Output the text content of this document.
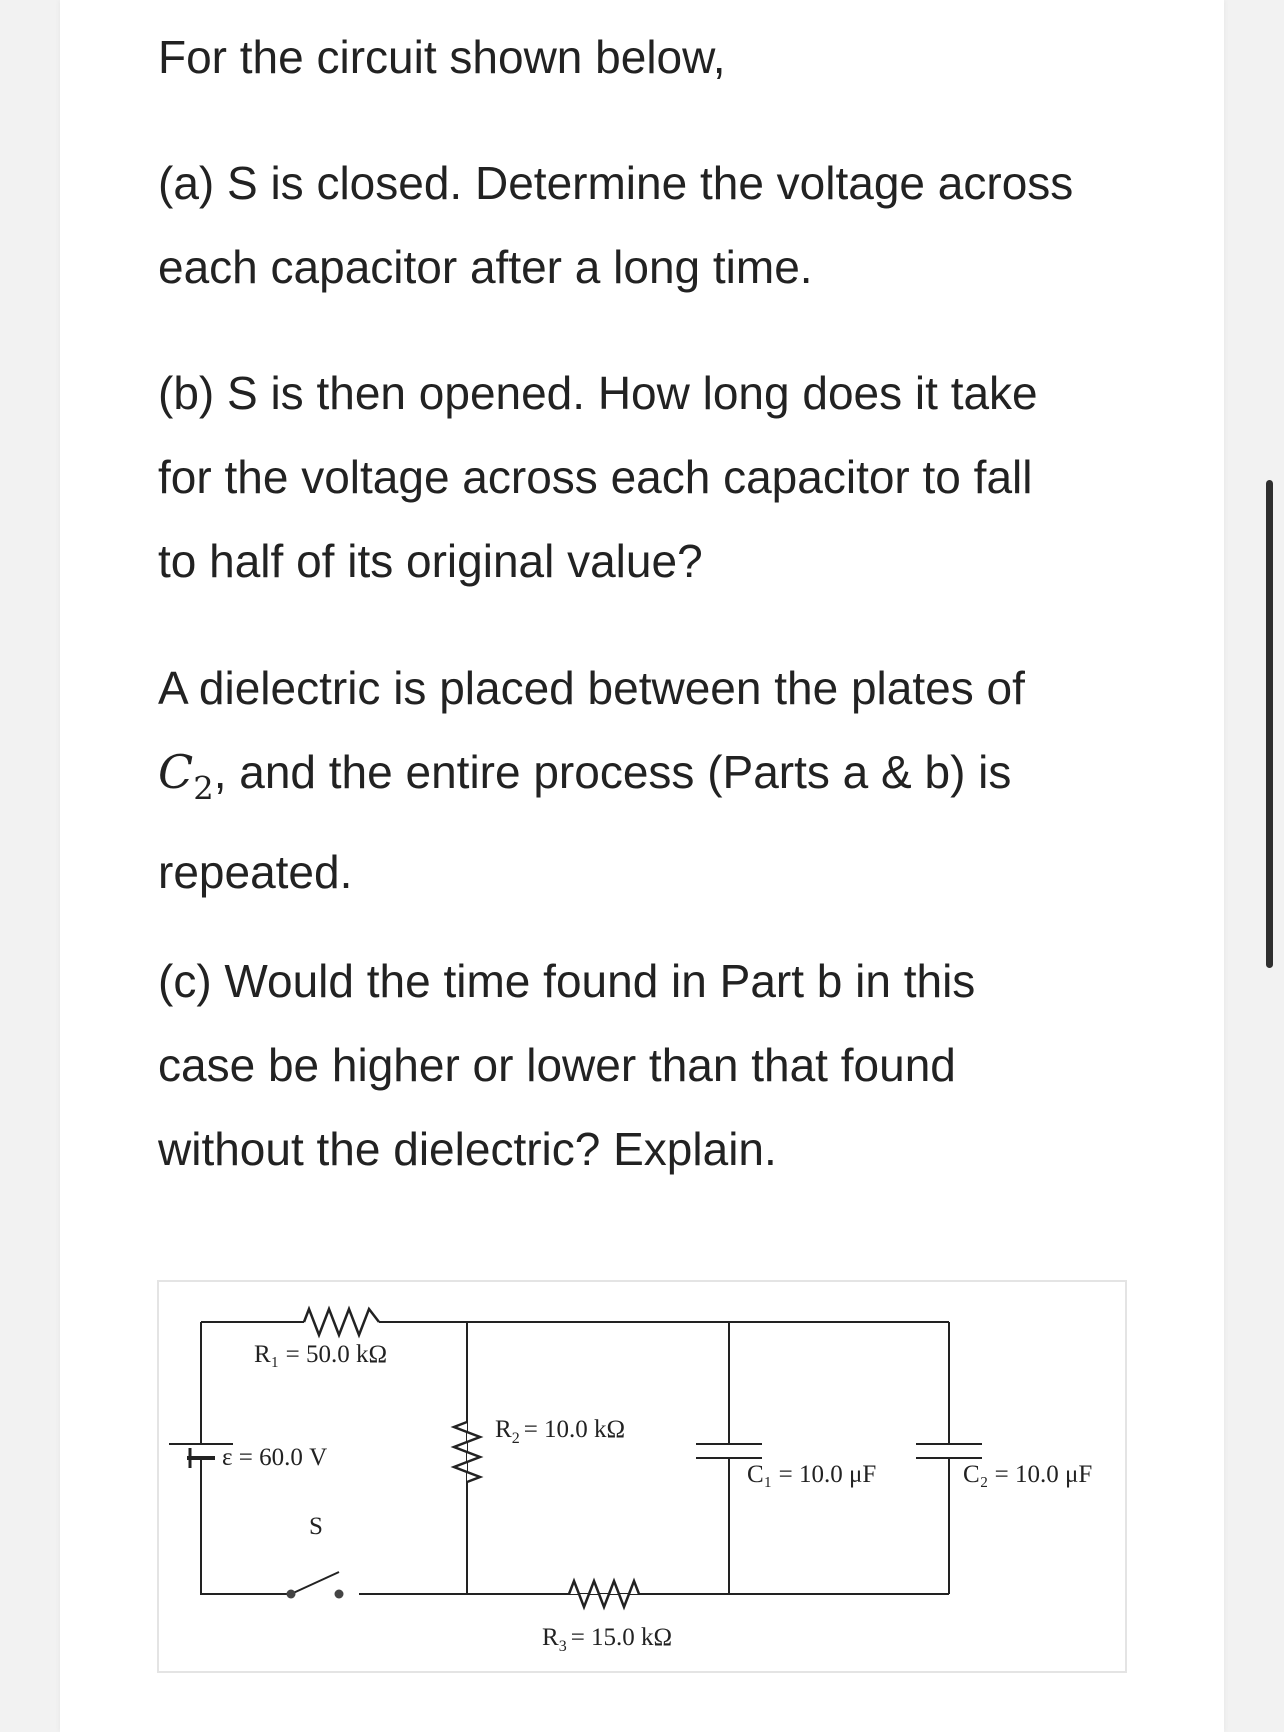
For the circuit shown below,

(a) S is closed. Determine the voltage across
each capacitor after a long time.

(b) S is then opened. How long does it take
for the voltage across each capacitor to fall
to half of its original value?

A dielectric is placed between the plates of
$C_2$, and the entire process (Parts a & b) is
repeated.

(c) Would the time found in Part b in this
case be higher or lower than that found
without the dielectric? Explain.

R₁ = 50.0 kΩ
ε = 60.0 V
S
$R_2 = 10.0$ kΩ
C₁ = 10.0 μF	C₂ = 10.0 μF
$R_3 = 15.0$ kΩ
